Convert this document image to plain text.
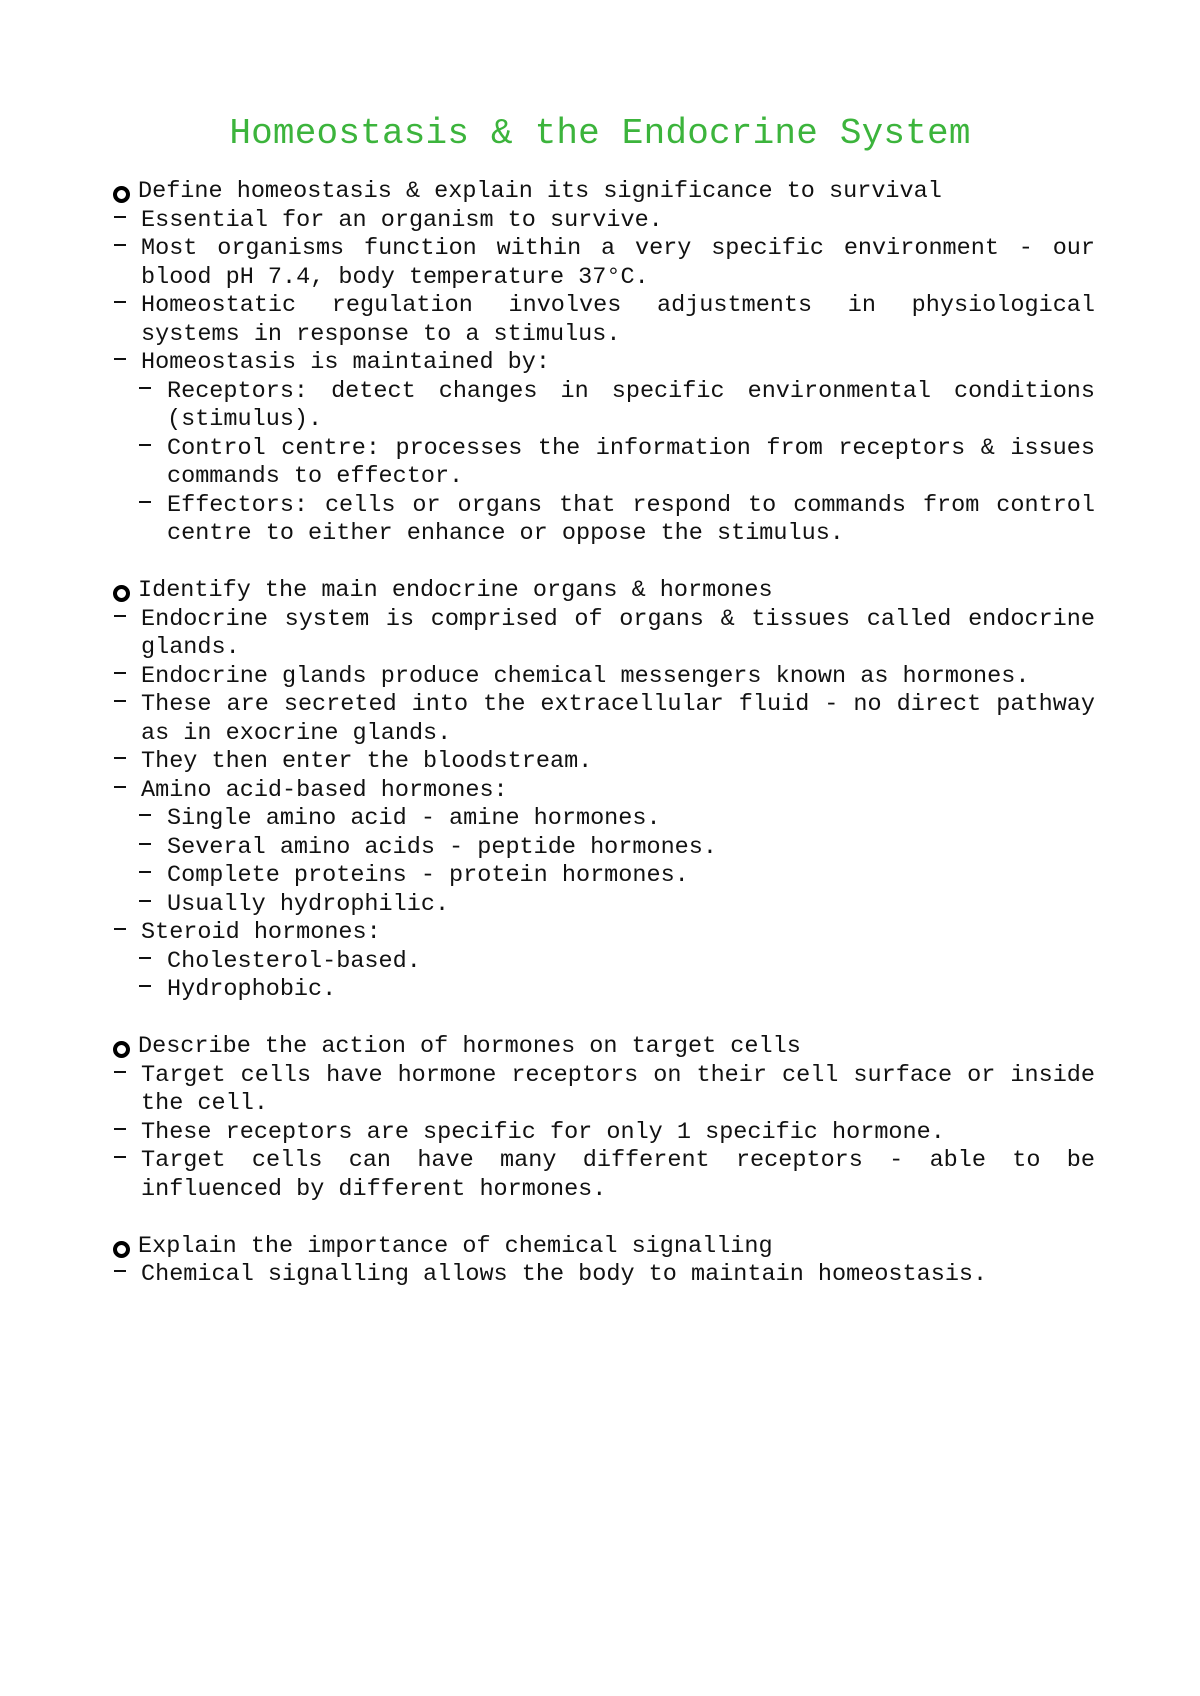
Homeostasis & the Endocrine System

Define homeostasis & explain its significance to survival

Essential for an organism to survive.
Most organisms function within a very specific environment - our blood pH 7.4, body temperature 37°C.
Homeostatic regulation involves adjustments in physiological systems in response to a stimulus.
Homeostasis is maintained by:
Receptors: detect changes in specific environmental conditions (stimulus).
Control centre: processes the information from receptors & issues commands to effector.
Effectors: cells or organs that respond to commands from control centre to either enhance or oppose the stimulus.

Identify the main endocrine organs & hormones

Endocrine system is comprised of organs & tissues called endocrine glands.
Endocrine glands produce chemical messengers known as hormones.
These are secreted into the extracellular fluid - no direct pathway as in exocrine glands.
They then enter the bloodstream.
Amino acid-based hormones:
Single amino acid - amine hormones.
Several amino acids - peptide hormones.
Complete proteins - protein hormones.
Usually hydrophilic.
Steroid hormones:
Cholesterol-based.
Hydrophobic.

Describe the action of hormones on target cells

Target cells have hormone receptors on their cell surface or inside the cell.
These receptors are specific for only 1 specific hormone.
Target cells can have many different receptors - able to be influenced by different hormones.

Explain the importance of chemical signalling

Chemical signalling allows the body to maintain homeostasis.
